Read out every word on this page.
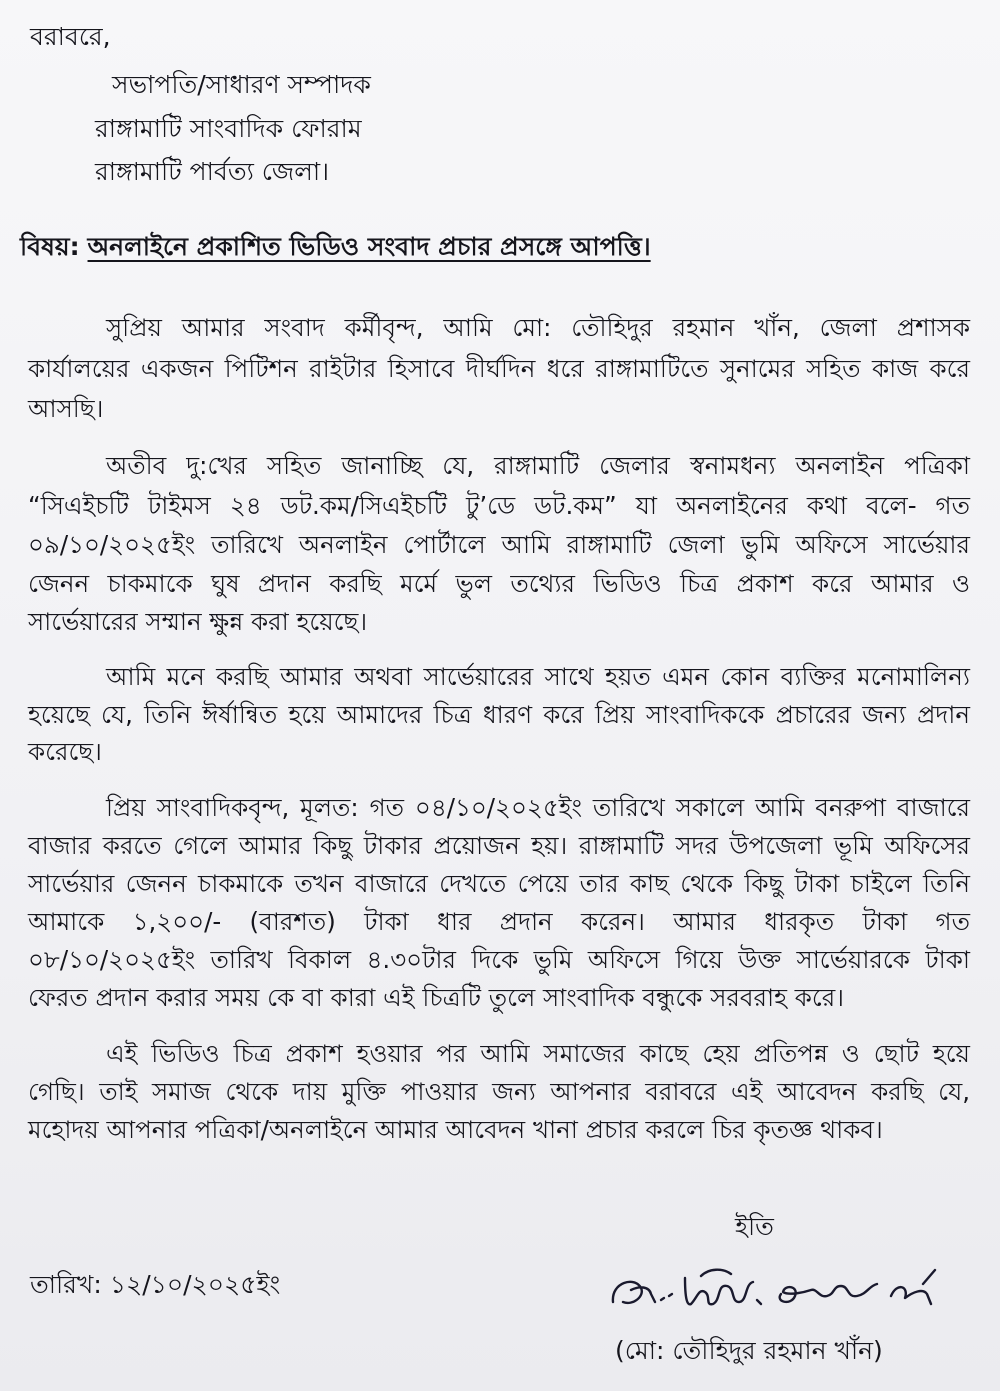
বরাবরে,
সভাপতি/সাধারণ সম্পাদক
রাঙ্গামাটি সাংবাদিক ফোরাম
রাঙ্গামাটি পার্বত্য জেলা।
বিষয়: অনলাইনে প্রকাশিত ভিডিও সংবাদ প্রচার প্রসঙ্গে আপত্তি।
সুপ্রিয় আমার সংবাদ কর্মীবৃন্দ, আমি মো: তৌহিদুর রহমান খাঁন, জেলা প্রশাসক
কার্যালয়ের একজন পিটিশন রাইটার হিসাবে দীর্ঘদিন ধরে রাঙ্গামাটিতে সুনামের সহিত কাজ করে
আসছি।
অতীব দু:খের সহিত জানাচ্ছি যে, রাঙ্গামাটি জেলার স্বনামধন্য অনলাইন পত্রিকা
“সিএইচটি টাইমস ২৪ ডট.কম/সিএইচটি টু’ডে ডট.কম” যা অনলাইনের কথা বলে- গত
০৯/১০/২০২৫ইং তারিখে অনলাইন পোর্টালে আমি রাঙ্গামাটি জেলা ভুমি অফিসে সার্ভেয়ার
জেনন চাকমাকে ঘুষ প্রদান করছি মর্মে ভুল তথ্যের ভিডিও চিত্র প্রকাশ করে আমার ও
সার্ভেয়ারের সম্মান ক্ষুন্ন করা হয়েছে।
আমি মনে করছি আমার অথবা সার্ভেয়ারের সাথে হয়ত এমন কোন ব্যক্তির মনোমালিন্য
হয়েছে যে, তিনি ঈর্ষান্বিত হয়ে আমাদের চিত্র ধারণ করে প্রিয় সাংবাদিককে প্রচারের জন্য প্রদান
করেছে।
প্রিয় সাংবাদিকবৃন্দ, মূলত: গত ০৪/১০/২০২৫ইং তারিখে সকালে আমি বনরুপা বাজারে
বাজার করতে গেলে আমার কিছু টাকার প্রয়োজন হয়। রাঙ্গামাটি সদর উপজেলা ভূমি অফিসের
সার্ভেয়ার জেনন চাকমাকে তখন বাজারে দেখতে পেয়ে তার কাছ থেকে কিছু টাকা চাইলে তিনি
আমাকে ১,২০০/- (বারশত) টাকা ধার প্রদান করেন। আমার ধারকৃত টাকা গত
০৮/১০/২০২৫ইং তারিখ বিকাল ৪.৩০টার দিকে ভুমি অফিসে গিয়ে উক্ত সার্ভেয়ারকে টাকা
ফেরত প্রদান করার সময় কে বা কারা এই চিত্রটি তুলে সাংবাদিক বন্ধুকে সরবরাহ করে।
এই ভিডিও চিত্র প্রকাশ হওয়ার পর আমি সমাজের কাছে হেয় প্রতিপন্ন ও ছোট হয়ে
গেছি। তাই সমাজ থেকে দায় মুক্তি পাওয়ার জন্য আপনার বরাবরে এই আবেদন করছি যে,
মহোদয় আপনার পত্রিকা/অনলাইনে আমার আবেদন খানা প্রচার করলে চির কৃতজ্ঞ থাকব।
ইতি
তারিখ: ১২/১০/২০২৫ইং
(মো: তৌহিদুর রহমান খাঁন)
